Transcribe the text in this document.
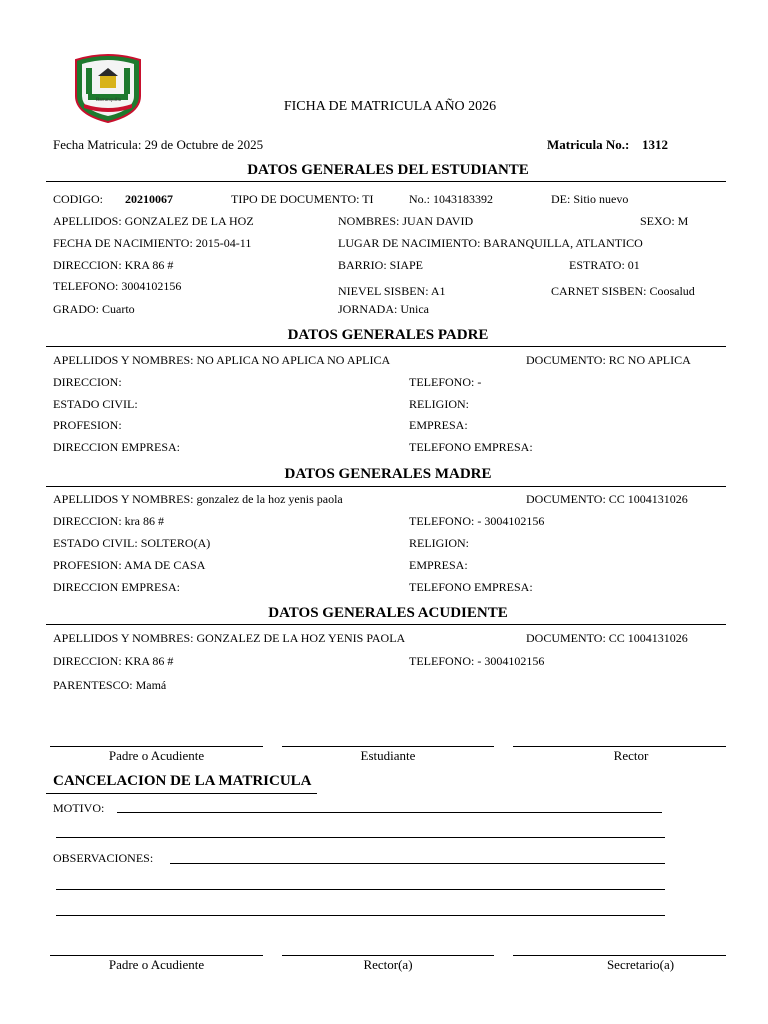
Barranquilla	FICHA DE MATRICULA AÑO 2026
Fecha Matricula: 29 de Octubre de 2025	Matricula No.: 1312
DATOS GENERALES DEL ESTUDIANTE
CODIGO: 20210067	TIPO DE DOCUMENTO: TI	No.: 1043183392	DE: Sitio nuevo
APELLIDOS: GONZALEZ DE LA HOZ	NOMBRES: JUAN DAVID	SEXO: M
FECHA DE NACIMIENTO: 2015-04-11	LUGAR DE NACIMIENTO: BARANQUILLA, ATLANTICO
DIRECCION: KRA 86 #	BARRIO: SIAPE	ESTRATO: 01
TELEFONO: 3004102156	NIEVEL SISBEN: A1	CARNET SISBEN: Coosalud
GRADO: Cuarto	JORNADA: Unica
DATOS GENERALES PADRE
APELLIDOS Y NOMBRES: NO APLICA NO APLICA NO APLICA	DOCUMENTO: RC NO APLICA
DIRECCION:	TELEFONO: -
ESTADO CIVIL:	RELIGION:
PROFESION:	EMPRESA:
DIRECCION EMPRESA:	TELEFONO EMPRESA:
DATOS GENERALES MADRE
APELLIDOS Y NOMBRES: gonzalez de la hoz yenis paola	DOCUMENTO: CC 1004131026
DIRECCION: kra 86 #	TELEFONO: - 3004102156
ESTADO CIVIL: SOLTERO(A)	RELIGION:
PROFESION: AMA DE CASA	EMPRESA:
DIRECCION EMPRESA:	TELEFONO EMPRESA:
DATOS GENERALES ACUDIENTE
APELLIDOS Y NOMBRES: GONZALEZ DE LA HOZ YENIS PAOLA	DOCUMENTO: CC 1004131026
DIRECCION: KRA 86 #	TELEFONO: - 3004102156
PARENTESCO: Mamá
Padre o Acudiente	Estudiante	Rector
CANCELACION DE LA MATRICULA
MOTIVO:
OBSERVACIONES:
Padre o Acudiente	Rector(a)	Secretario(a)
